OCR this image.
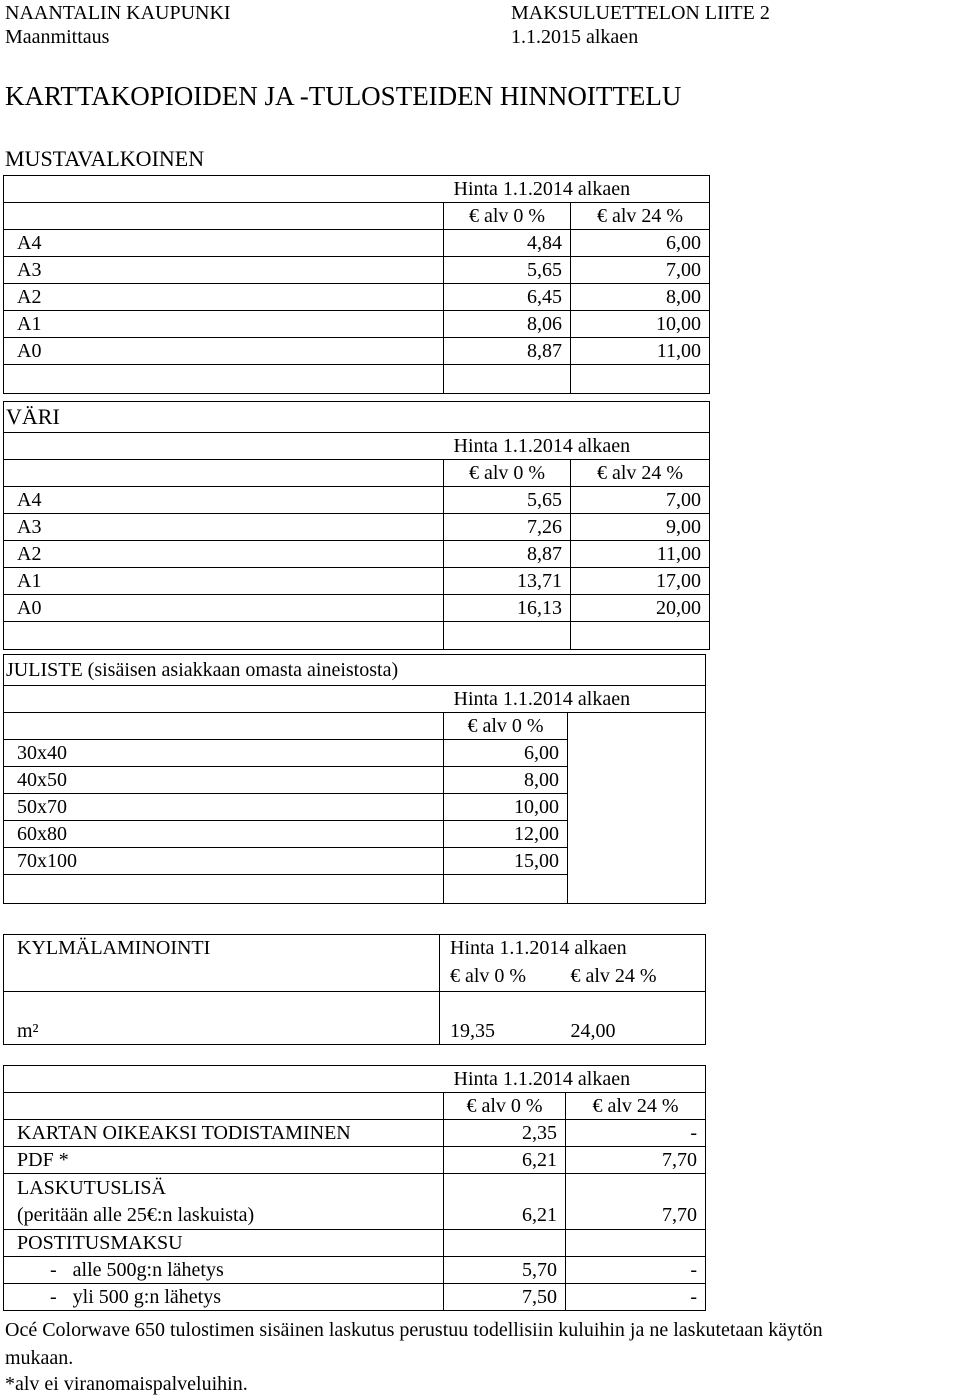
NAANTALIN KAUPUNKI
Maanmittaus
MAKSULUETTELON LIITE 2
1.1.2015 alkaen
KARTTAKOPIOIDEN JA -TULOSTEIDEN HINNOITTELU
MUSTAVALKOINEN
	Hinta 1.1.2014 alkaen	
	€ alv 0 %	€ alv 24 %
A4	4,84	6,00
A3	5,65	7,00
A2	6,45	8,00
A1	8,06	10,00
A0	8,87	11,00

VÄRI		
	Hinta 1.1.2014 alkaen	
	€ alv 0 %	€ alv 24 %
A4	5,65	7,00
A3	7,26	9,00
A2	8,87	11,00
A1	13,71	17,00
A0	16,13	20,00

JULISTE (sisäisen asiakkaan omasta aineistosta)		
	Hinta 1.1.2014 alkaen	
	€ alv 0 %	
30x40	6,00	
40x50	8,00	
50x70	10,00	
60x80	12,00	
70x100	15,00	

KYLMÄLAMINOINTI	Hinta 1.1.2014 alkaen	
	€ alv 0 %	€ alv 24 %

m²	19,35	24,00
	Hinta 1.1.2014 alkaen	
	€ alv 0 %	€ alv 24 %
KARTAN OIKEAKSI TODISTAMINEN	2,35	-
PDF *	6,21	7,70
LASKUTUSLISÄ
(peritään alle 25€:n laskuista)	6,21	7,70
POSTITUSMAKSU		
- alle 500g:n lähetys	5,70	-
- yli 500 g:n lähetys	7,50	-
Océ Colorwave 650 tulostimen sisäinen laskutus perustuu todellisiin kuluihin ja ne laskutetaan käytön
mukaan.
*alv ei viranomaispalveluihin.
